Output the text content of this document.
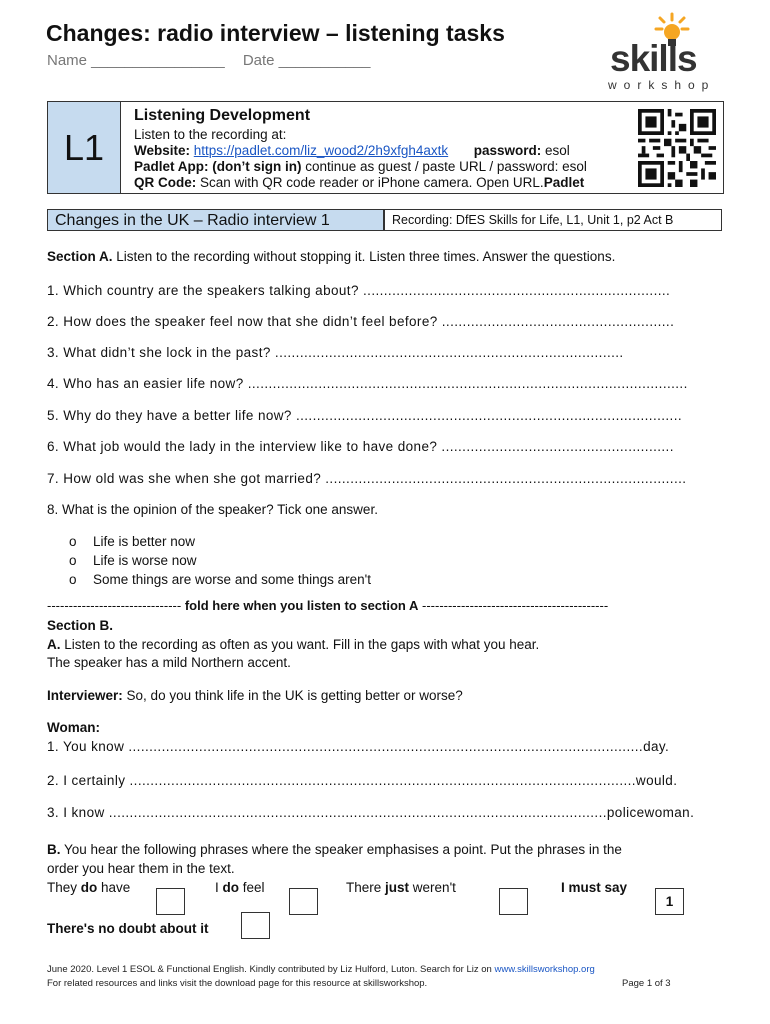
Changes: radio interview – listening tasks
Name ________________ Date ___________	skills
workshop
L1
Listening Development
Listen to the recording at:
Website: https://padlet.com/liz_wood2/2h9xfgh4axtk password: esol
Padlet App: (don’t sign in) continue as guest / paste URL / password: esol
QR Code: Scan with QR code reader or iPhone camera. Open URL.Padlet
Changes in the UK – Radio interview 1	Recording: DfES Skills for Life, L1, Unit 1, p2 Act B
Section A. Listen to the recording without stopping it. Listen three times. Answer the questions.
1. Which country are the speakers talking about? ..........................................................................
2. How does the speaker feel now that she didn’t feel before? ........................................................
3. What didn’t she lock in the past? ....................................................................................
4. Who has an easier life now? ..........................................................................................................
5. Why do they have a better life now? .............................................................................................
6. What job would the lady in the interview like to have done? ........................................................
7. How old was she when she got married? .......................................................................................
8. What is the opinion of the speaker? Tick one answer.
o Life is better now
o Life is worse now
o Some things are worse and some things aren't
------------------------------- fold here when you listen to section A -------------------------------------------
Section B.
A. Listen to the recording as often as you want. Fill in the gaps with what you hear.
The speaker has a mild Northern accent.
Interviewer: So, do you think life in the UK is getting better or worse?
Woman:
1. You know ............................................................................................................................day.
2. I certainly ..........................................................................................................................would.
3. I know ........................................................................................................................policewoman.
B. You hear the following phrases where the speaker emphasises a point. Put the phrases in the
order you hear them in the text.
They do have	I do feel	There just weren't	I must say
1
There's no doubt about it
June 2020. Level 1 ESOL & Functional English. Kindly contributed by Liz Hulford, Luton. Search for Liz on www.skillsworkshop.org
For related resources and links visit the download page for this resource at skillsworkshop.	Page 1 of 3
